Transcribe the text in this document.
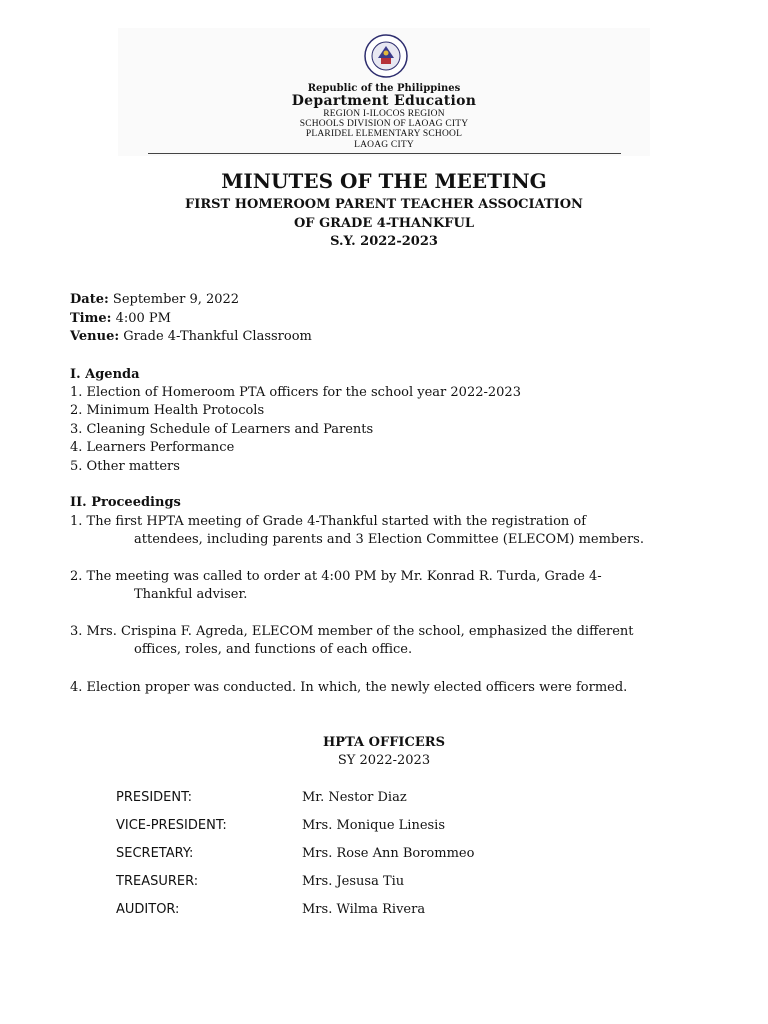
Republic of the Philippines
Department Education
REGION I-ILOCOS REGION
SCHOOLS DIVISION OF LAOAG CITY
PLARIDEL ELEMENTARY SCHOOL
LAOAG CITY
MINUTES OF THE MEETING
FIRST HOMEROOM PARENT TEACHER ASSOCIATION
OF GRADE 4-THANKFUL
S.Y. 2022-2023
Date: September 9, 2022
Time: 4:00 PM
Venue: Grade 4-Thankful Classroom
I. Agenda
1. Election of Homeroom PTA officers for the school year 2022-2023
2. Minimum Health Protocols
3. Cleaning Schedule of Learners and Parents
4. Learners Performance
5. Other matters
II. Proceedings
1. The first HPTA meeting of Grade 4-Thankful started with the registration of
attendees, including parents and 3 Election Committee (ELECOM) members.
2. The meeting was called to order at 4:00 PM by Mr. Konrad R. Turda, Grade 4-
Thankful adviser.
3. Mrs. Crispina F. Agreda, ELECOM member of the school, emphasized the different
offices, roles, and functions of each office.
4. Election proper was conducted. In which, the newly elected officers were formed.
HPTA OFFICERS
SY 2022-2023
PRESIDENT:	Mr. Nestor Diaz
VICE-PRESIDENT:	Mrs. Monique Linesis
SECRETARY:	Mrs. Rose Ann Borommeo
TREASURER:	Mrs. Jesusa Tiu
AUDITOR:	Mrs. Wilma Rivera
